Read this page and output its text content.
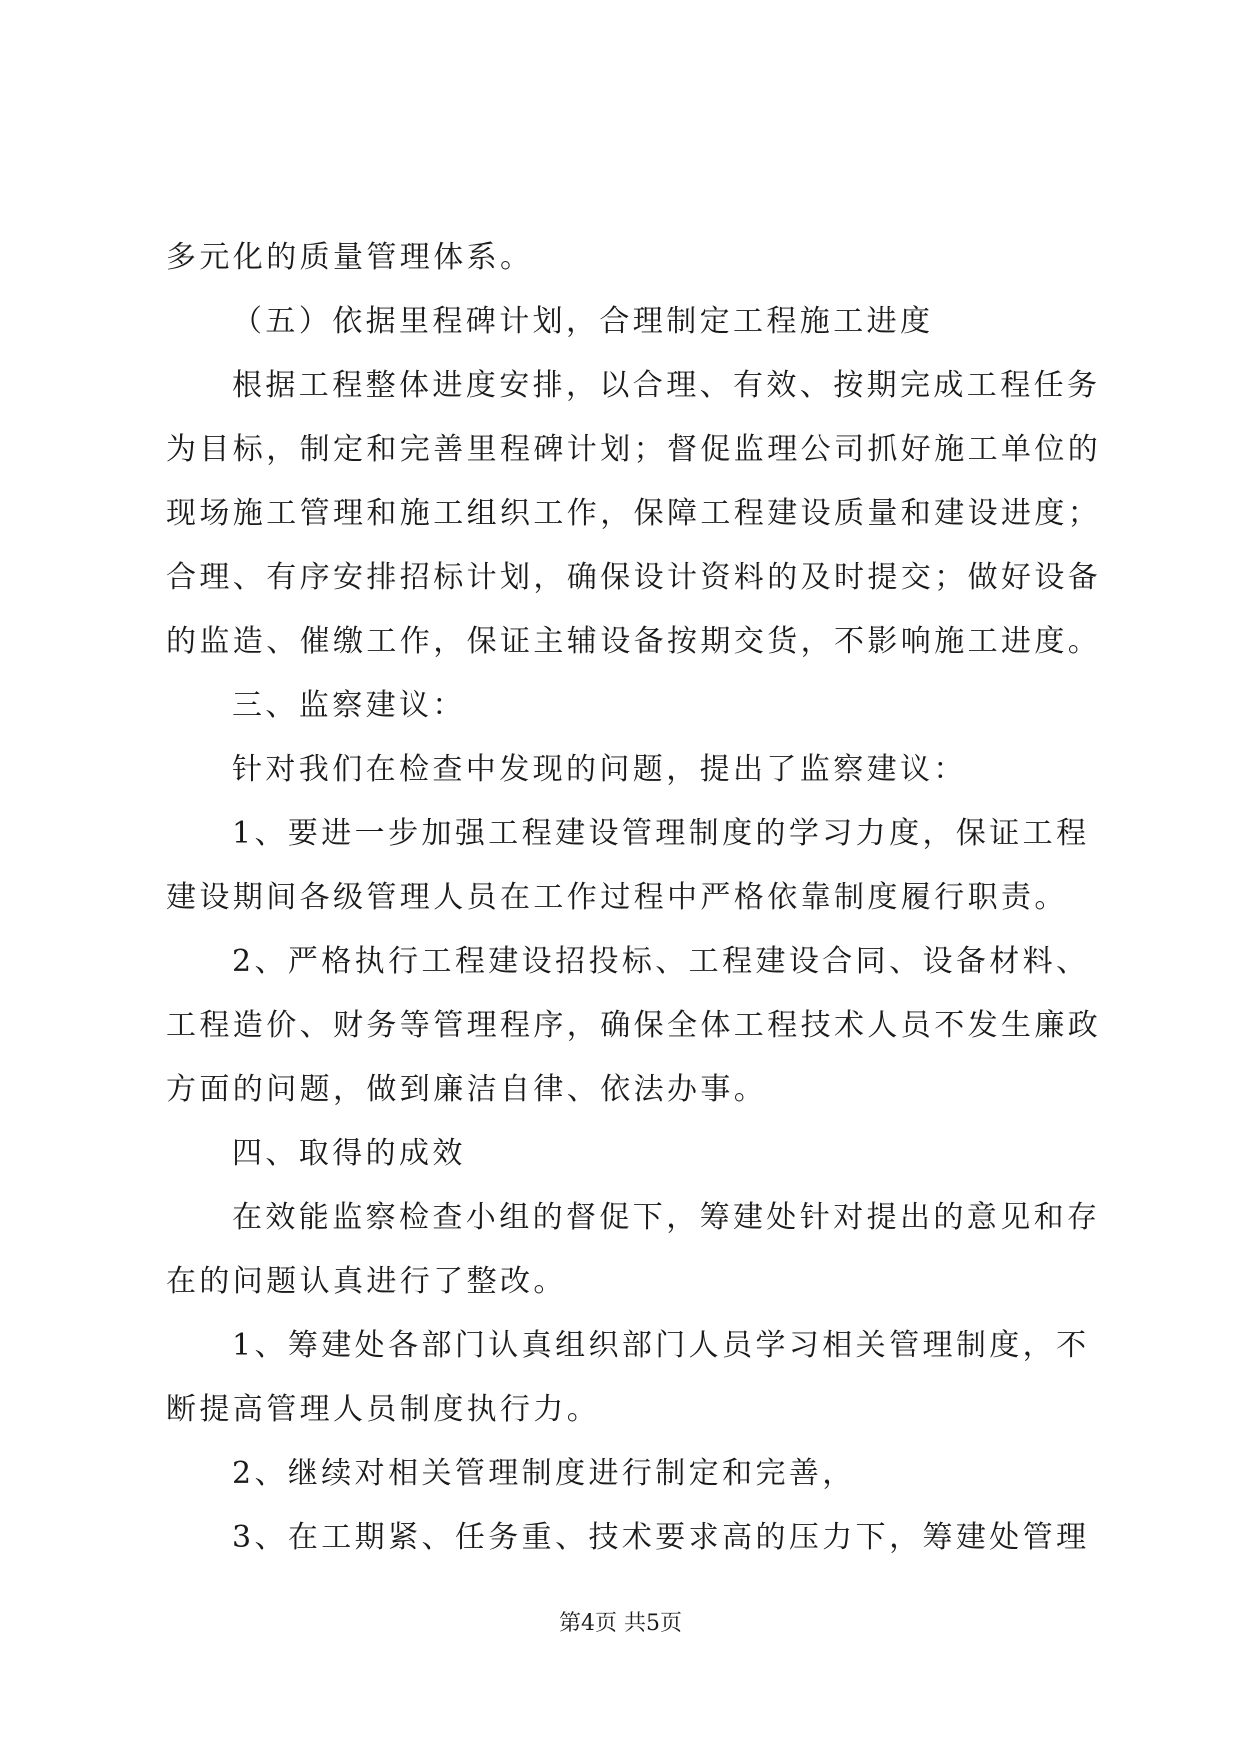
多元化的质量管理体系。
（五）依据里程碑计划，合理制定工程施工进度
根据工程整体进度安排，以合理、有效、按期完成工程任务
为目标，制定和完善里程碑计划；督促监理公司抓好施工单位的
现场施工管理和施工组织工作，保障工程建设质量和建设进度；
合理、有序安排招标计划，确保设计资料的及时提交；做好设备
的监造、催缴工作，保证主辅设备按期交货，不影响施工进度。
三、监察建议：
针对我们在检查中发现的问题，提出了监察建议：
1、要进一步加强工程建设管理制度的学习力度，保证工程
建设期间各级管理人员在工作过程中严格依靠制度履行职责。
2、严格执行工程建设招投标、工程建设合同、设备材料、
工程造价、财务等管理程序，确保全体工程技术人员不发生廉政
方面的问题，做到廉洁自律、依法办事。
四、取得的成效
在效能监察检查小组的督促下，筹建处针对提出的意见和存
在的问题认真进行了整改。
1、筹建处各部门认真组织部门人员学习相关管理制度，不
断提高管理人员制度执行力。
2、继续对相关管理制度进行制定和完善，
3、在工期紧、任务重、技术要求高的压力下，筹建处管理
第4页 共5页
